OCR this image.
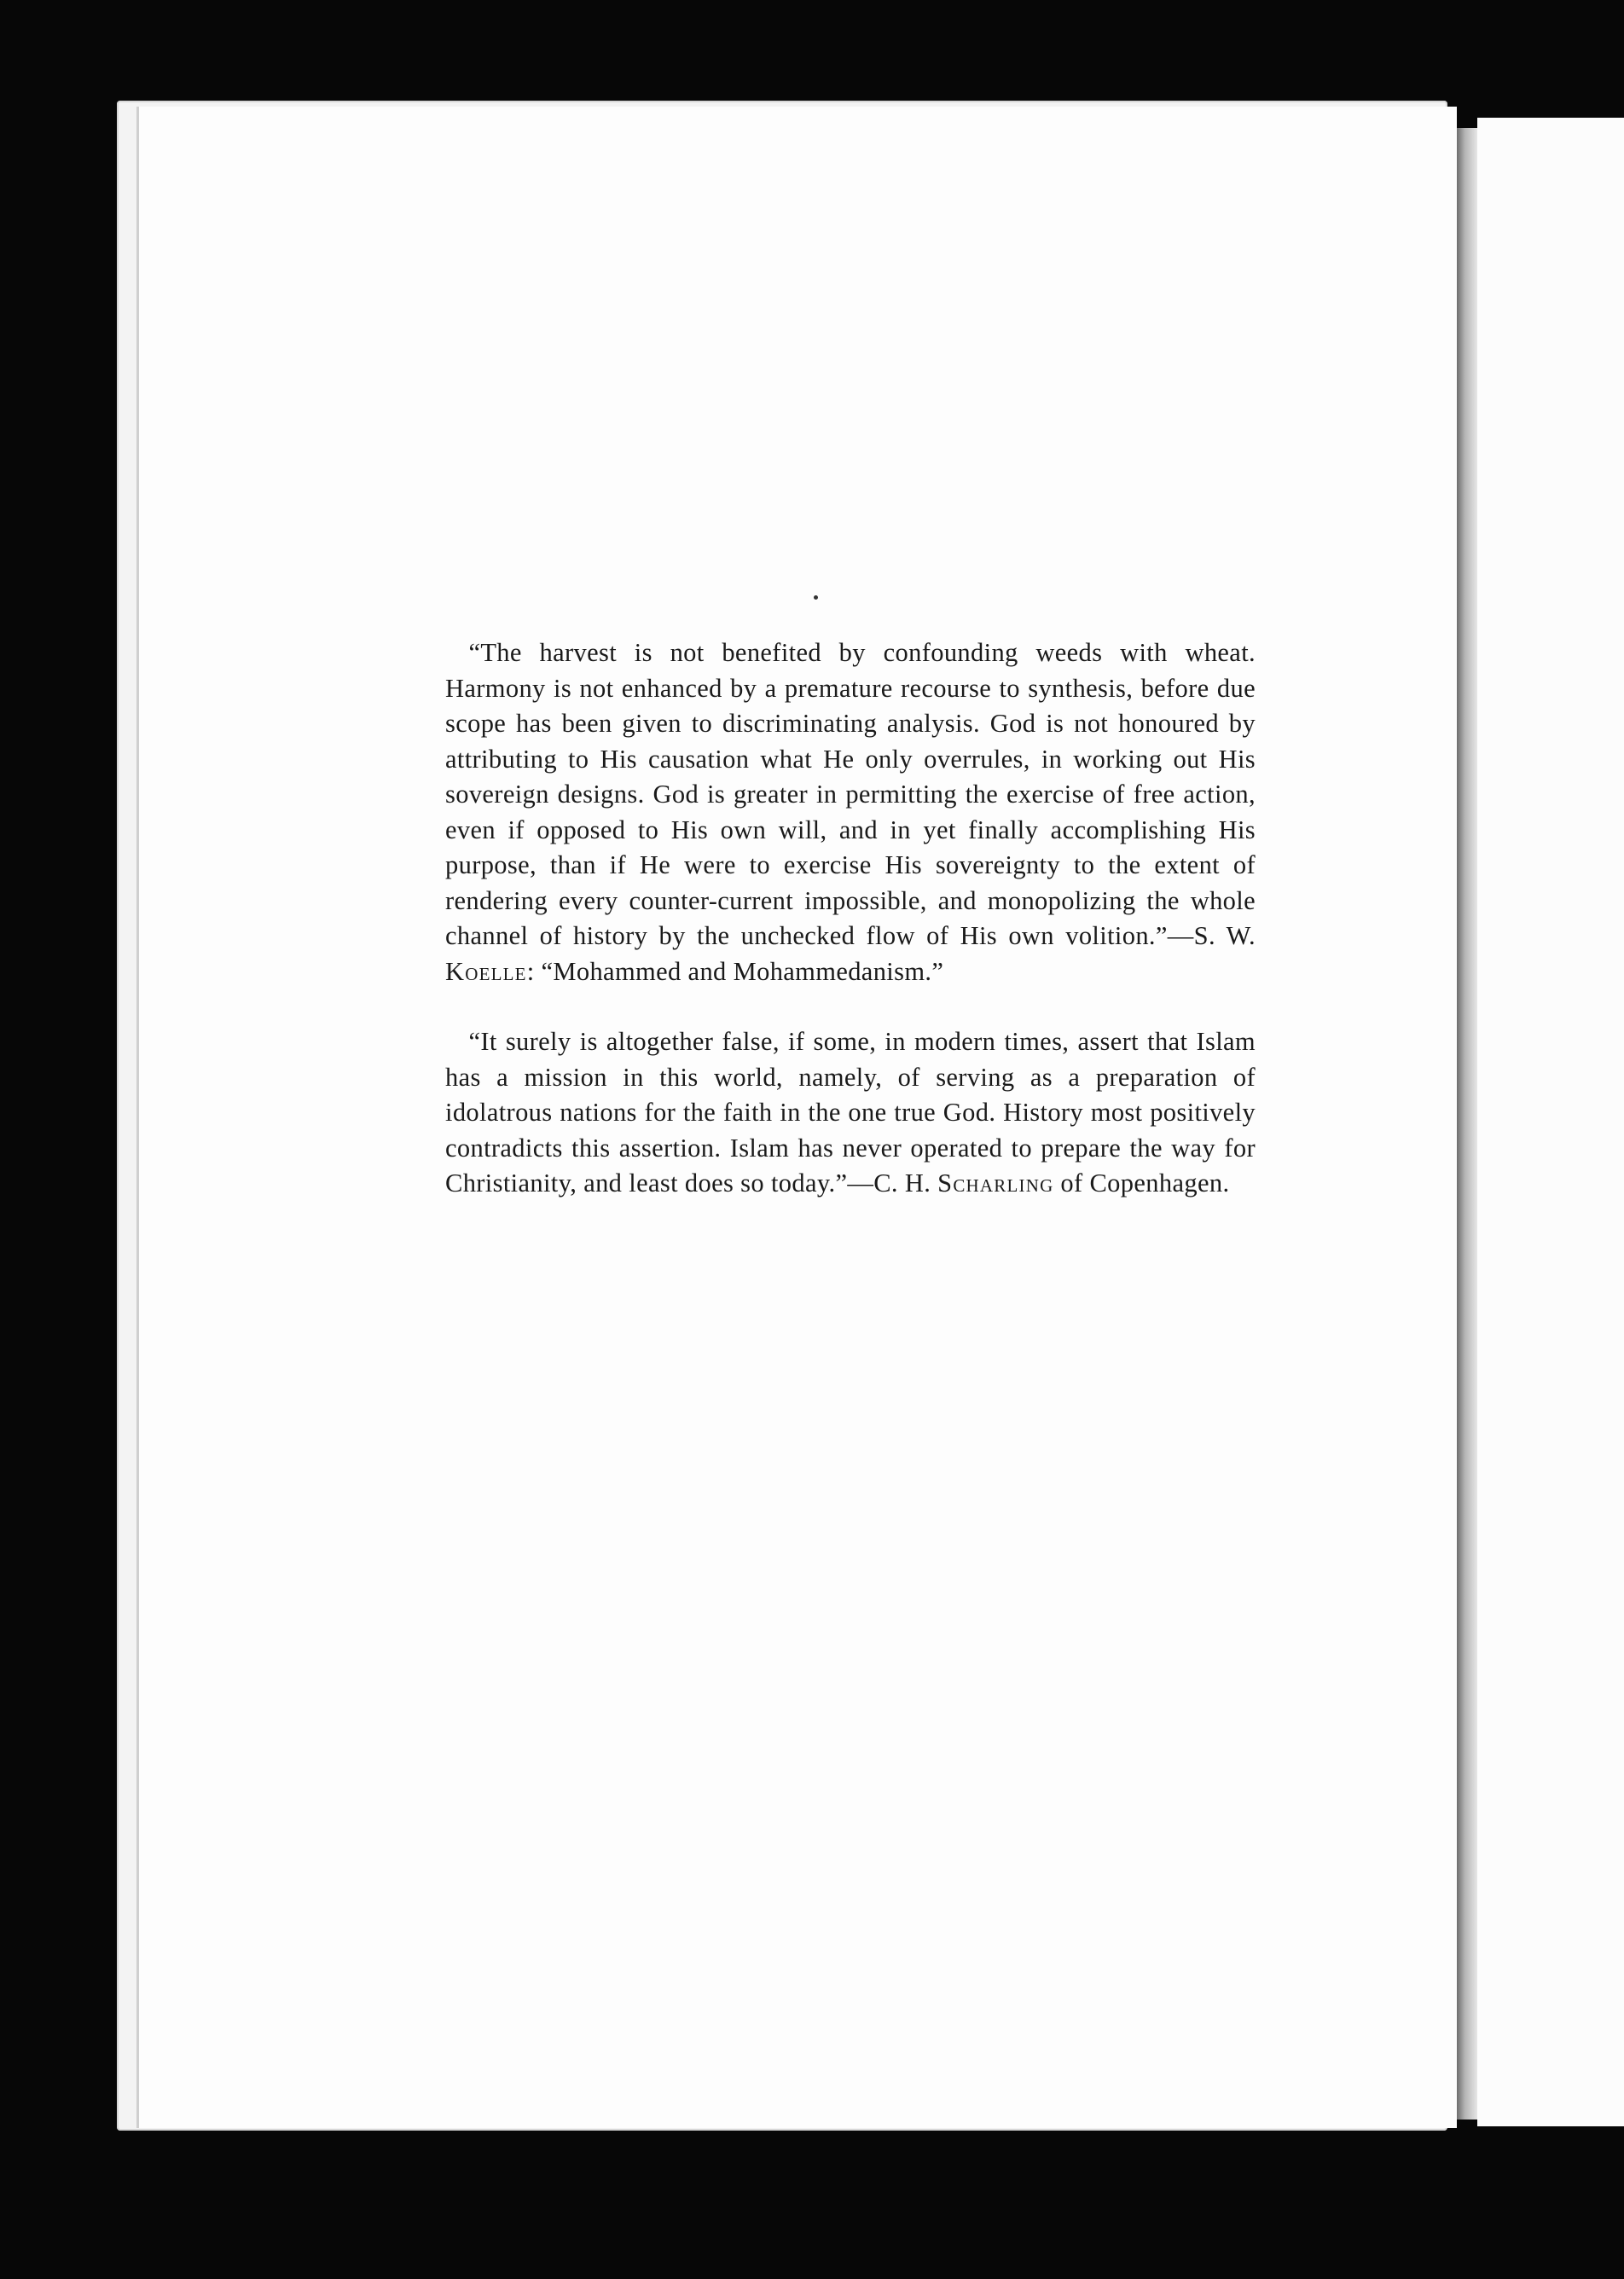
“The harvest is not benefited by confounding weeds with wheat. Harmony is not enhanced by a premature recourse to synthesis, before due scope has been given to discriminating analysis. God is not honoured by attributing to His causation what He only overrules, in working out His sovereign designs. God is greater in permitting the exercise of free action, even if opposed to His own will, and in yet finally accomplishing His purpose, than if He were to exercise His sovereignty to the extent of rendering every counter-current impossible, and monopolizing the whole channel of history by the unchecked flow of His own volition.”—S. W. Koelle: “Mohammed and Mohammedanism.”

“It surely is altogether false, if some, in modern times, assert that Islam has a mission in this world, namely, of serving as a preparation of idolatrous nations for the faith in the one true God. History most positively contradicts this assertion. Islam has never operated to prepare the way for Christianity, and least does so today.”—C. H. Scharling of Copenhagen.
